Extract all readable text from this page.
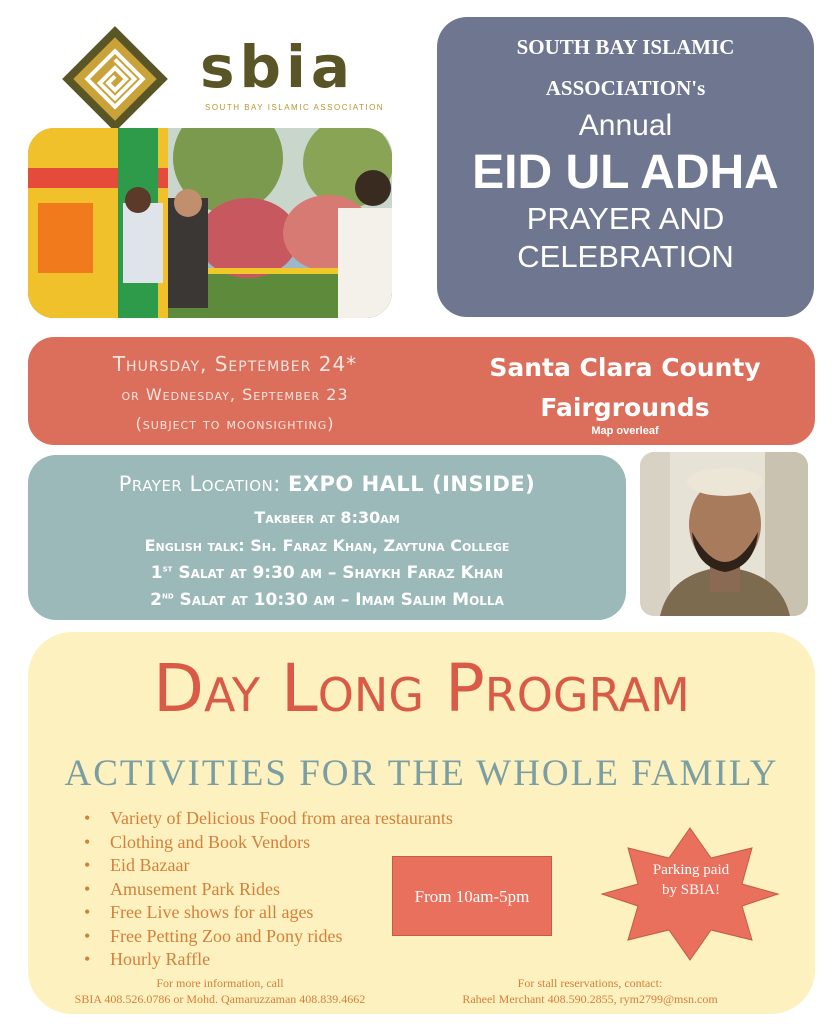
sbia
SOUTH BAY ISLAMIC ASSOCIATION
SOUTH BAY ISLAMIC
ASSOCIATION's
Annual
EID UL ADHA
PRAYER AND
CELEBRATION
Thursday, September 24*
or Wednesday, September 23
(subject to moonsighting)
Santa Clara County Fairgrounds
Map overleaf
Prayer Location: EXPO HALL (INSIDE)
Takbeer at 8:30am
English talk: Sh. Faraz Khan, Zaytuna College
1st Salat at 9:30 am – Shaykh Faraz Khan
2nd Salat at 10:30 am – Imam Salim Molla
Day Long Program
ACTIVITIES FOR THE WHOLE FAMILY
• Variety of Delicious Food from area restaurants
• Clothing and Book Vendors
• Eid Bazaar
• Amusement Park Rides
• Free Live shows for all ages
• Free Petting Zoo and Pony rides
• Hourly Raffle
From 10am-5pm
Parking paid by SBIA!
For more information, call
SBIA 408.526.0786 or Mohd. Qamaruzzaman 408.839.4662
For stall reservations, contact:
Raheel Merchant 408.590.2855, rym2799@msn.com
